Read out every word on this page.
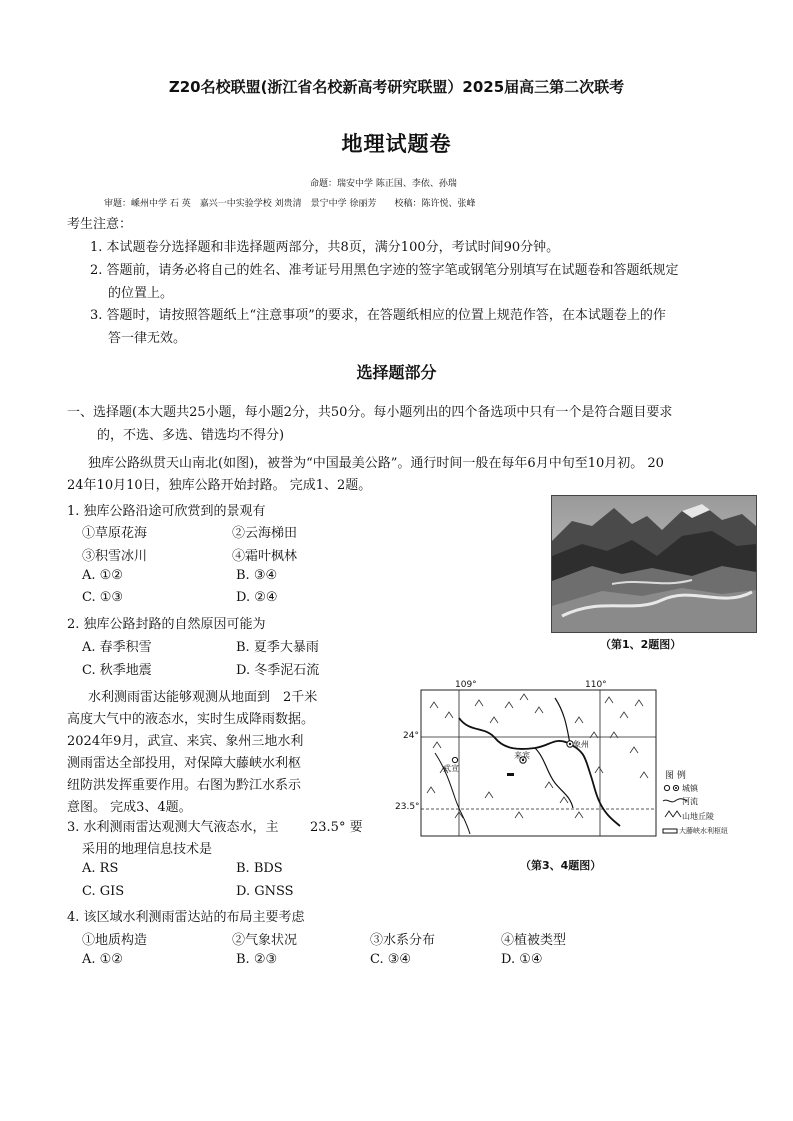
Z20名校联盟(浙江省名校新高考研究联盟）2025届高三第二次联考
地理试题卷
命题：瑞安中学 陈正国、李依、孙瑞
审题：嵊州中学 石 英　嘉兴一中实验学校 刘贵清　景宁中学 徐丽芳　　校稿：陈许悦、张峰
考生注意：
1. 本试题卷分选择题和非选择题两部分，共8页，满分100分，考试时间90分钟。
2. 答题前，请务必将自己的姓名、准考证号用黑色字迹的签字笔或钢笔分别填写在试题卷和答题纸规定
的位置上。
3. 答题时，请按照答题纸上“注意事项”的要求，在答题纸相应的位置上规范作答，在本试题卷上的作
答一律无效。
选择题部分
一、选择题(本大题共25小题，每小题2分，共50分。每小题列出的四个备选项中只有一个是符合题目要求
的，不选、多选、错选均不得分)
独库公路纵贯天山南北(如图)，被誉为“中国最美公路”。通行时间一般在每年6月中旬至10月初。 20
24年10月10日，独库公路开始封路。 完成1、2题。
1. 独库公路沿途可欣赏到的景观有
①草原花海	②云海梯田
③积雪冰川	④霜叶枫林
A. ①②	B. ③④
C. ①③	D. ②④
2. 独库公路封路的自然原因可能为
A. 春季积雪	B. 夏季大暴雨
C. 秋季地震	D. 冬季泥石流
（第1、2题图）
水利测雨雷达能够观测从地面到　2千米
高度大气中的液态水，实时生成降雨数据。
2024年9月，武宣、来宾、象州三地水利
测雨雷达全部投用，对保障大藤峡水利枢
纽防洪发挥重要作用。右图为黔江水系示
意图。 完成3、4题。
3. 水利测雨雷达观测大气液态水，主 23.5° 要
采用的地理信息技术是
A. RS	B. BDS
C. GIS	D. GNSS
4. 该区域水利测雨雷达站的布局主要考虑
①地质构造	②气象状况	③水系分布	④植被类型
A. ①②	B. ②③	C. ③④	D. ①④
109°	110°
24°
23.5°
象州
来宾
武宣
图 例
城镇
河流
山地丘陵
大藤峡水利枢纽
（第3、4题图）
